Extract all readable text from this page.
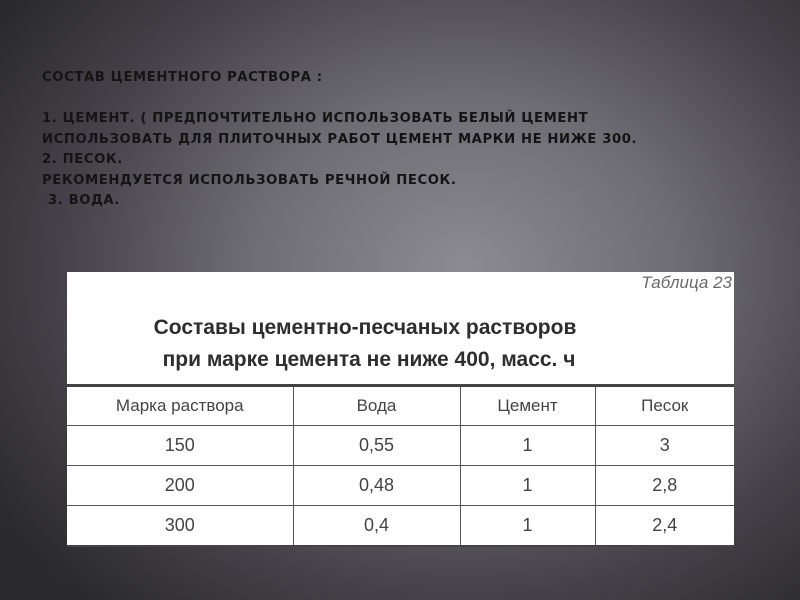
СОСТАВ ЦЕМЕНТНОГО РАСТВОРА :
1. ЦЕМЕНТ. ( ПРЕДПОЧТИТЕЛЬНО ИСПОЛЬЗОВАТЬ БЕЛЫЙ ЦЕМЕНТ
ИСПОЛЬЗОВАТЬ ДЛЯ ПЛИТОЧНЫХ РАБОТ ЦЕМЕНТ МАРКИ НЕ НИЖЕ 300.
2. ПЕСОК.
РЕКОМЕНДУЕТСЯ ИСПОЛЬЗОВАТЬ РЕЧНОЙ ПЕСОК.
3. ВОДА.
Таблица 23
Составы цементно-песчаных растворов
при марке цемента не ниже 400, масс. ч
Марка раствора	Вода	Цемент	Песок
150	0,55	1	3
200	0,48	1	2,8
300	0,4	1	2,4
